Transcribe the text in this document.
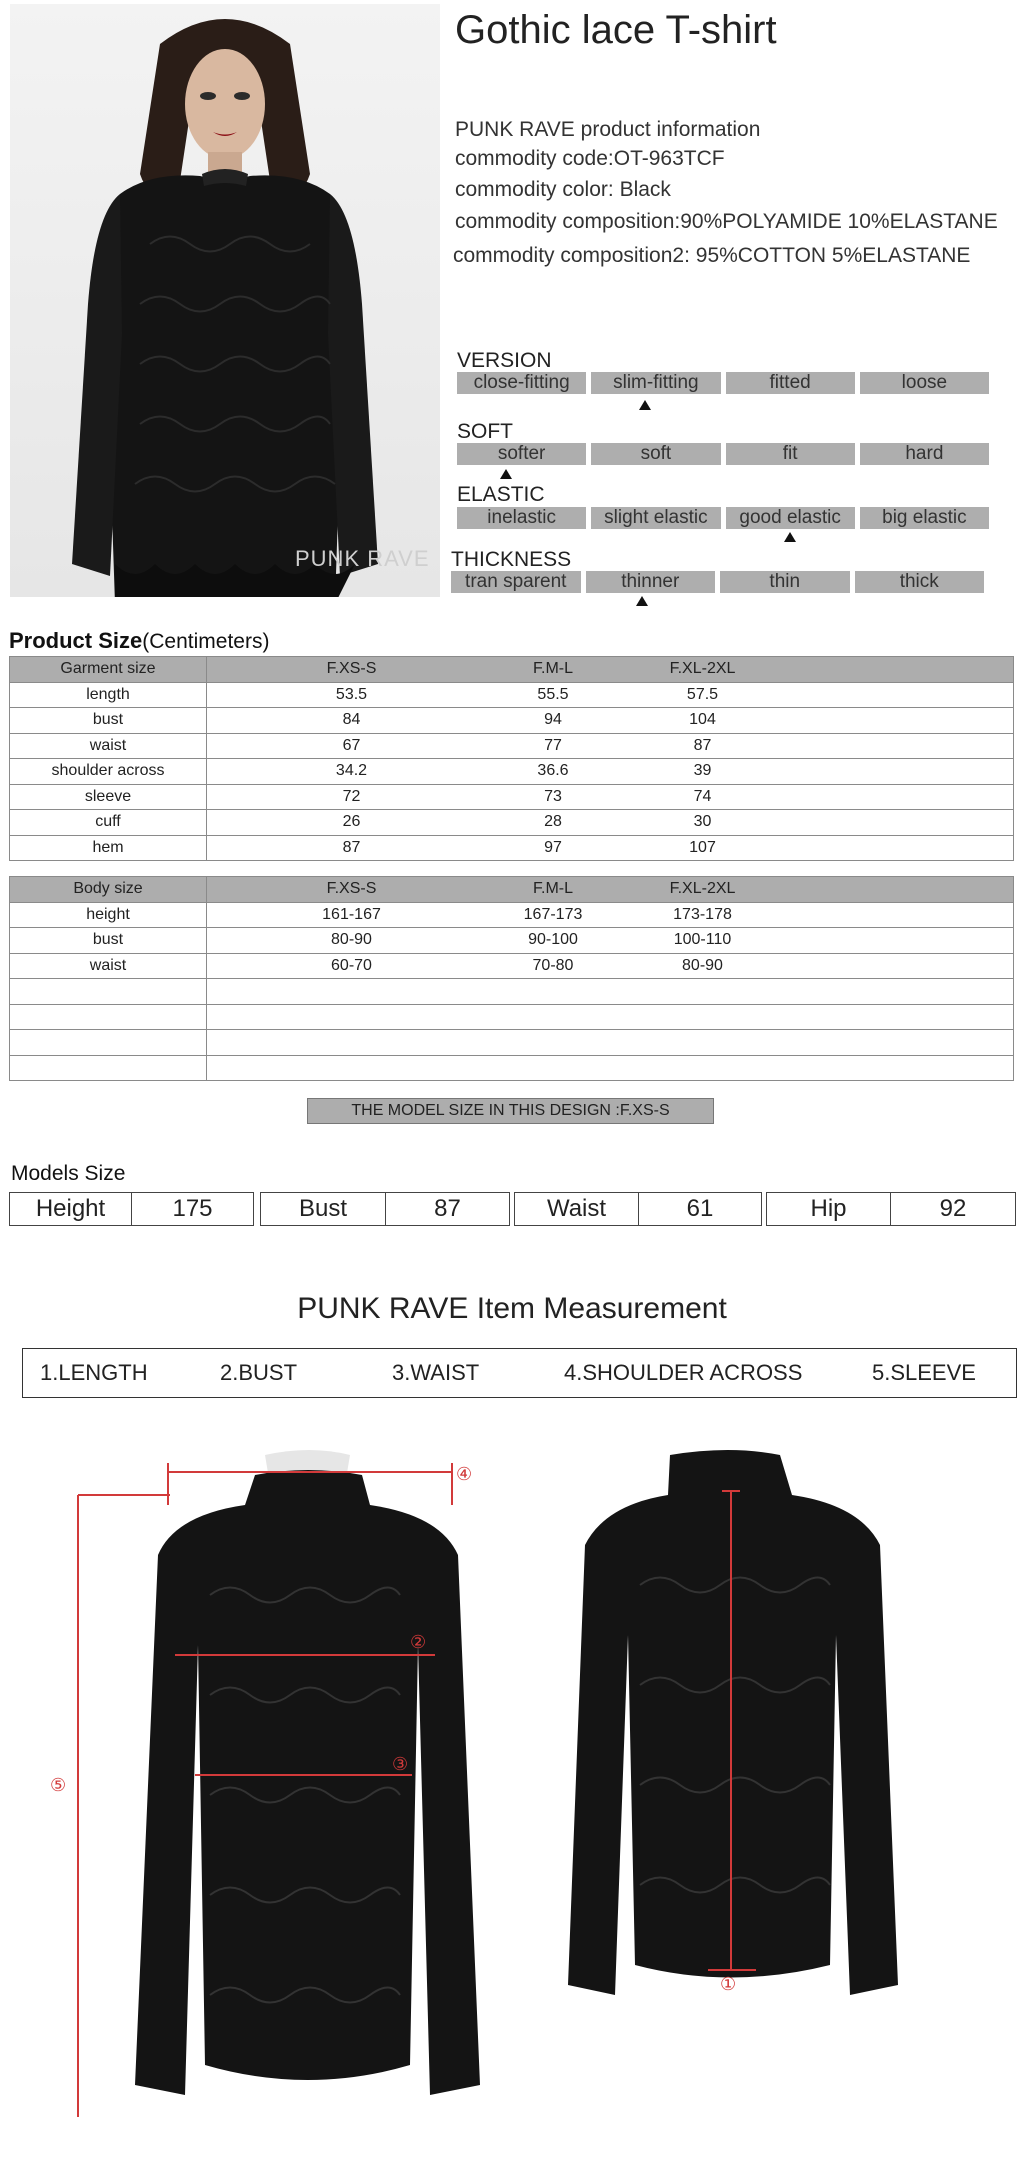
PUNK RAVE
Gothic lace T-shirt
PUNK RAVE product information
commodity code:OT-963TCF
commodity color: Black
commodity composition:90%POLYAMIDE 10%ELASTANE
commodity composition2: 95%COTTON 5%ELASTANE
VERSION
close-fitting	slim-fitting	fitted	loose
SOFT
softer	soft	fit	hard
ELASTIC
inelastic	slight elastic	good elastic	big elastic
THICKNESS
tran sparent	thinner	thin	thick
Product Size(Centimeters)
Garment size	F.XS-S F.M-L F.XL-2XL

length	53.5 55.5 57.5

bust	84 94 104

waist	67 77 87

shoulder across	34.2 36.6 39

sleeve	72 73 74

cuff	26 28 30

hem	87 97 107
Body size	F.XS-S F.M-L F.XL-2XL

height	161-167 167-173 173-178

bust	80-90 90-100 100-110

waist	60-70 70-80 80-90

THE MODEL SIZE IN THIS DESIGN :F.XS-S
Models Size
Height	175	Bust	87	Waist	61	Hip	92
PUNK RAVE Item Measurement
1.LENGTH	2.BUST	3.WAIST	4.SHOULDER ACROSS	5.SLEEVE
④
②
③
⑤
①
